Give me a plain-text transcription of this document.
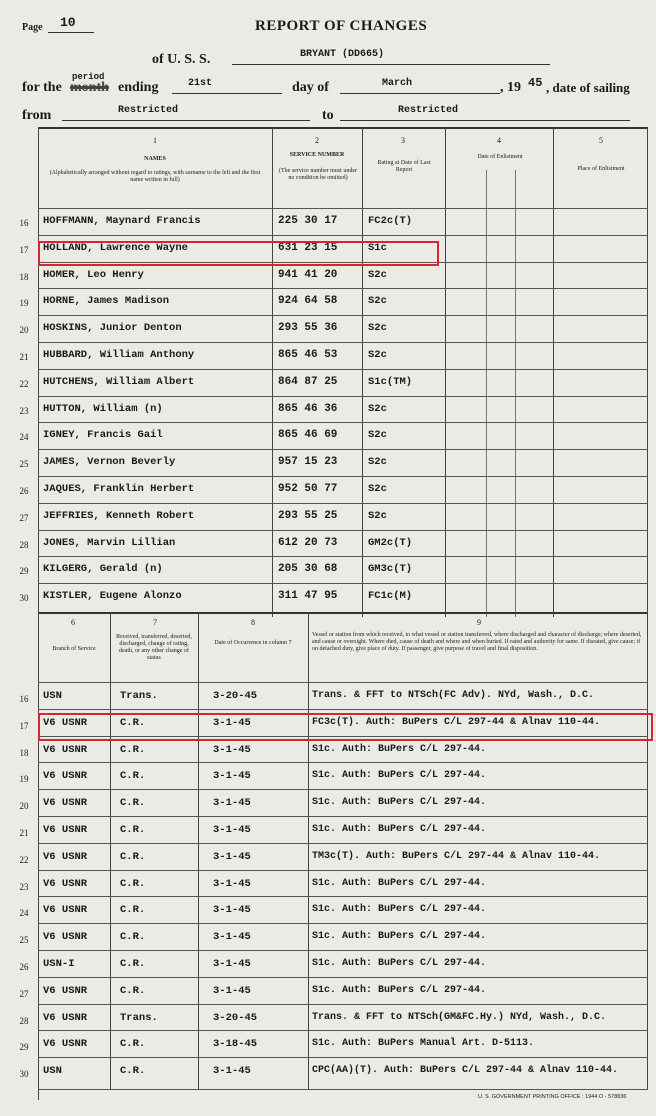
Page 10	REPORT OF CHANGES
of U. S. S.	BRYANT (DD665)
for the
period
month ending	21st	day of	March	, 19 45 , date of sailing
from	Restricted	to	Restricted
1
NAMES
(Alphabetically arranged without regard to ratings, with surname to the left and the first name written in full)
2
SERVICE NUMBER
(The service number must under no condition be omitted)
3
Rating at Date of Last Report
4
Date of Enlistment
5
Place of Enlistment
16	HOFFMANN, Maynard Francis	225 30 17	FC2c(T)
17	HOLLAND, Lawrence Wayne	631 23 15	S1c
18	HOMER, Leo Henry	941 41 20	S2c
19	HORNE, James Madison	924 64 58	S2c
20	HOSKINS, Junior Denton	293 55 36	S2c
21	HUBBARD, William Anthony	865 46 53	S2c
22	HUTCHENS, William Albert	864 87 25	S1c(TM)
23	HUTTON, William (n)	865 46 36	S2c
24	IGNEY, Francis Gail	865 46 69	S2c
25	JAMES, Vernon Beverly	957 15 23	S2c
26	JAQUES, Franklin Herbert	952 50 77	S2c
27	JEFFRIES, Kenneth Robert	293 55 25	S2c
28	JONES, Marvin Lillian	612 20 73	GM2c(T)
29	KILGERG, Gerald (n)	205 30 68	GM3c(T)
30	KISTLER, Eugene Alonzo	311 47 95	FC1c(M)
6
Branch of Service
7
Received, transferred, deserted, discharged, change of rating, death, or any other change of status
8
Date of Occurrence in column 7
9
Vessel or station from which received, to what vessel or station transferred, where discharged and character of discharge; where deserted, and cause or oversight. Where died, cause of death and where and when buried. If rated and authority for same. If disrated, give cause; if on detached duty, give place of duty. If passenger, give purpose of travel and final disposition.
16	USN	Trans.	3-20-45	Trans. & FFT to NTSch(FC Adv). NYd, Wash., D.C.
17	V6 USNR	C.R.	3-1-45	FC3c(T). Auth: BuPers C/L 297-44 & Alnav 110-44.
18	V6 USNR	C.R.	3-1-45	S1c. Auth: BuPers C/L 297-44.
19	V6 USNR	C.R.	3-1-45	S1c. Auth: BuPers C/L 297-44.
20	V6 USNR	C.R.	3-1-45	S1c. Auth: BuPers C/L 297-44.
21	V6 USNR	C.R.	3-1-45	S1c. Auth: BuPers C/L 297-44.
22	V6 USNR	C.R.	3-1-45	TM3c(T). Auth: BuPers C/L 297-44 & Alnav 110-44.
23	V6 USNR	C.R.	3-1-45	S1c. Auth: BuPers C/L 297-44.
24	V6 USNR	C.R.	3-1-45	S1c. Auth: BuPers C/L 297-44.
25	V6 USNR	C.R.	3-1-45	S1c. Auth: BuPers C/L 297-44.
26	USN-I	C.R.	3-1-45	S1c. Auth: BuPers C/L 297-44.
27	V6 USNR	C.R.	3-1-45	S1c. Auth: BuPers C/L 297-44.
28	V6 USNR	Trans.	3-20-45	Trans. & FFT to NTSch(GM&FC.Hy.) NYd, Wash., D.C.
29	V6 USNR	C.R.	3-18-45	S1c. Auth: BuPers Manual Art. D-5113.
30	USN	C.R.	3-1-45	CPC(AA)(T). Auth: BuPers C/L 297-44 & Alnav 110-44.
U. S. GOVERNMENT PRINTING OFFICE : 1944 O - 578836
